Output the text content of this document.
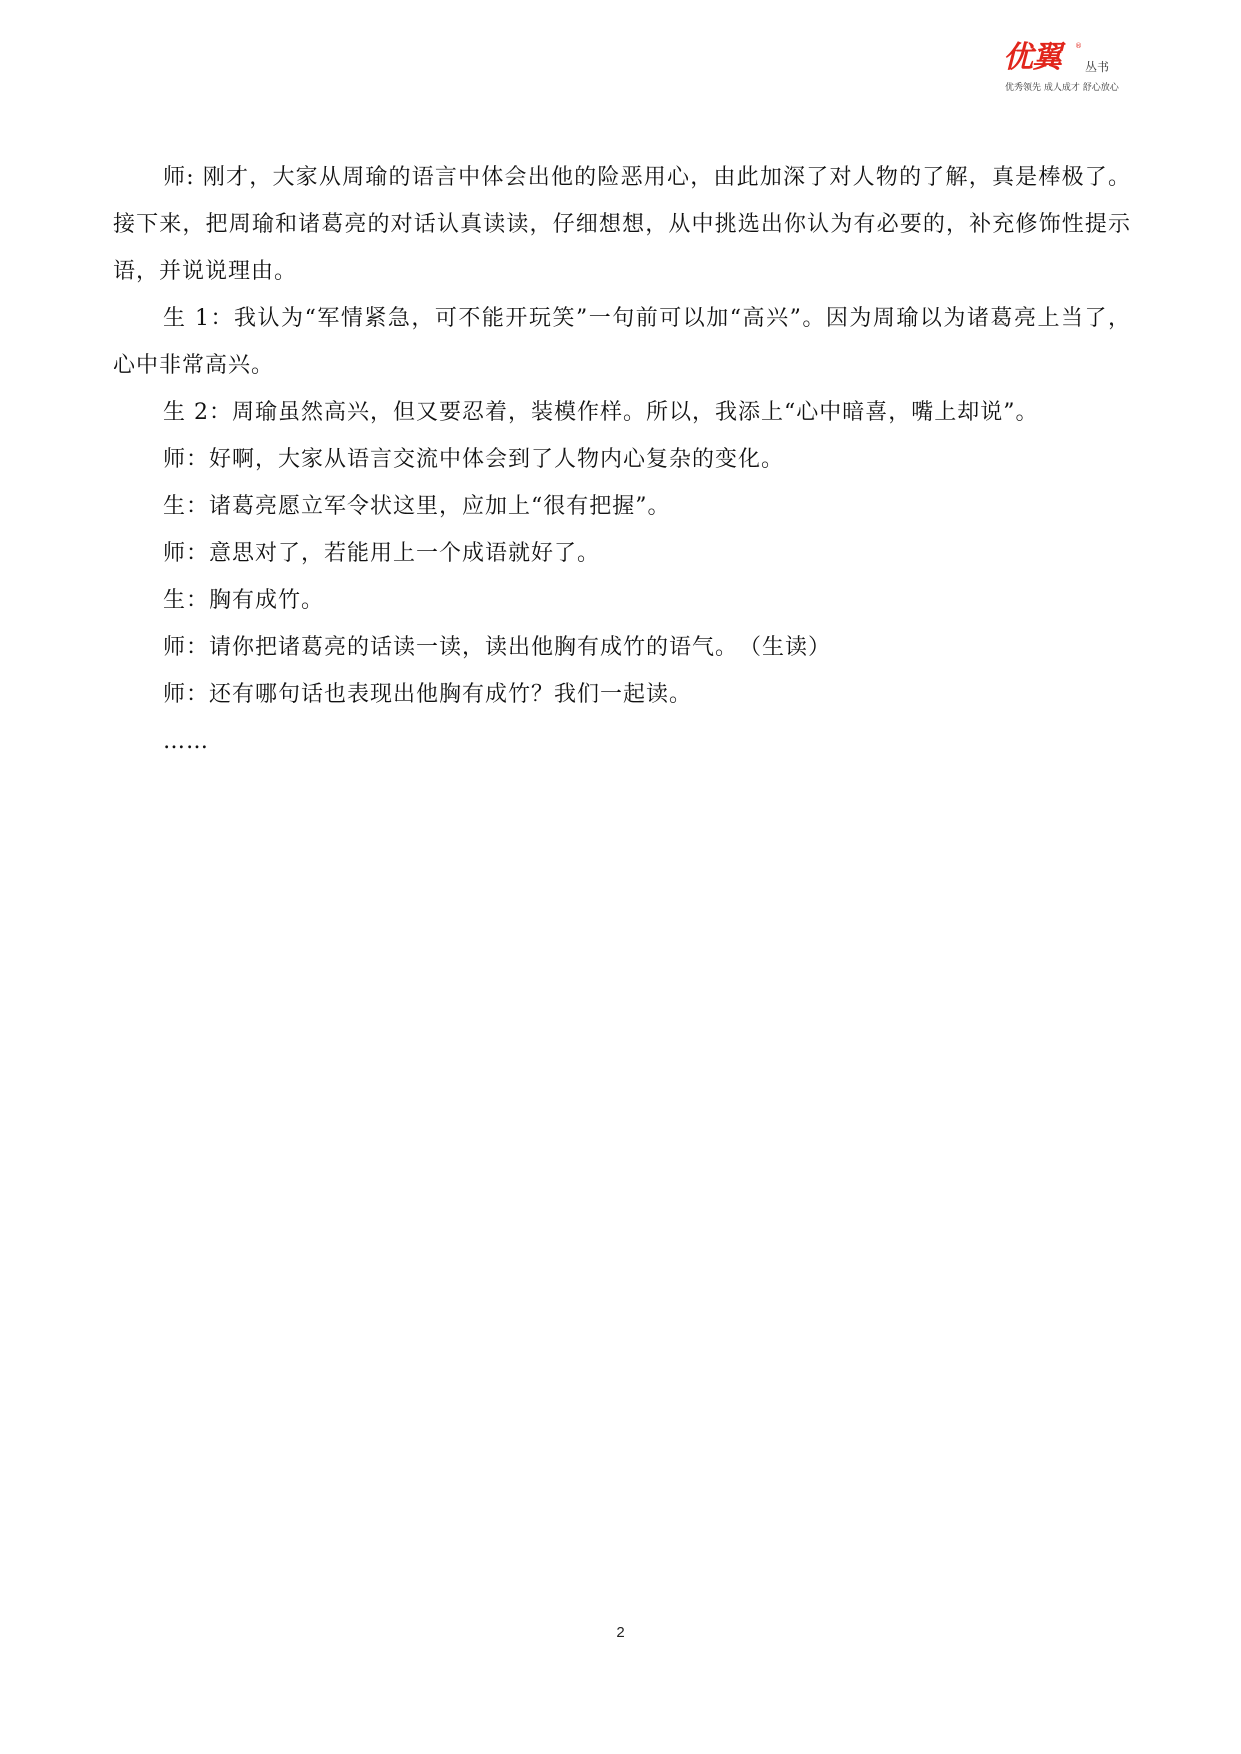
优翼 ®
丛书
优秀领先 成人成才 舒心放心

师: 刚才，大家从周瑜的语言中体会出他的险恶用心，由此加深了对人物的了解，真是棒极了。接下来，把周瑜和诸葛亮的对话认真读读，仔细想想，从中挑选出你认为有必要的，补充修饰性提示语，并说说理由。

生 1：我认为“军情紧急，可不能开玩笑”一句前可以加“高兴”。因为周瑜以为诸葛亮上当了，心中非常高兴。

生 2：周瑜虽然高兴，但又要忍着，装模作样。所以，我添上“心中暗喜，嘴上却说”。

师：好啊，大家从语言交流中体会到了人物内心复杂的变化。

生：诸葛亮愿立军令状这里，应加上“很有把握”。

师：意思对了，若能用上一个成语就好了。

生：胸有成竹。

师：请你把诸葛亮的话读一读，读出他胸有成竹的语气。　（生读）

师：还有哪句话也表现出他胸有成竹？我们一起读。

……

2
